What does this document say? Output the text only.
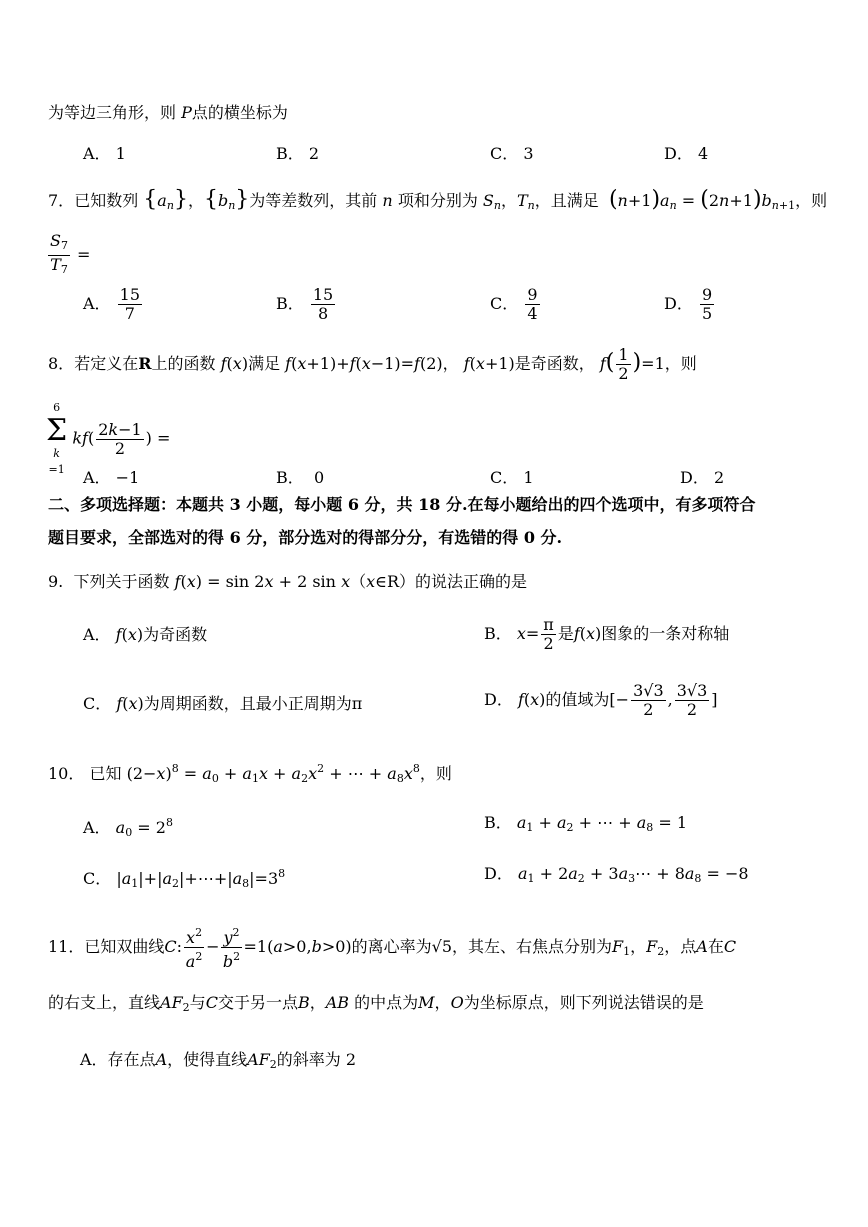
为等边三角形，则 P点的横坐标为
A． 1	B． 2	C． 3	D． 4
7．已知数列 $\{a_n\}$，$\{b_n\}$为等差数列，其前 n 项和分别为 $S_n$，$T_n$，且满足 $(n+1)a_n = (2n+1)b_{n+1}$，则
$\frac{S_7}{T_7}$ =
A． $\frac{15}{7}$	B． $\frac{15}{8}$	C． $\frac{9}{4}$	D． $\frac{9}{5}$
8．若定义在R上的函数 f(x)满足 f(x+1)+f(x−1)=f(2)， f(x+1)是奇函数， $f( \frac{1}{2} )=1$，则
6
Σ
k
=1
$kf( \frac{2k-1}{2}$ ) =
A． −1	B． 0	C． 1	D． 2
二、多项选择题：本题共 3 小题，每小题 6 分，共 18 分.在每小题给出的四个选项中，有多项符合
题目要求，全部选对的得 6 分，部分选对的得部分分，有选错的得 0 分.
9. 下列关于函数 f(x) = sin 2x + 2 sin x（x∈R）的说法正确的是
A． f(x)为奇函数	B． $x= \frac{\pi}{2}$ 是f(x)图象的一条对称轴
C． f(x)为周期函数，且最小正周期为π	D． f(x)的值域为[− $\frac{3√3}{2}$ , $\frac{3√3}{2}$ ]
10． 已知 $(2-x)^8 = a_0 + a_1x + a_2x^2$ + ⋯ + $a_8x^8$，则
A． $a_0 = 2^8$	B． $a_1 + a_2$ + ⋯ + $a_8 = 1$
C． $|a_1|+|a_2|+\cdots+|a_8|=3^8$	D． $a_1 + 2a_2$ + $3a_3\cdots + 8a_8 = -8$
11．已知双曲线C: $\frac{x^2}{a^2} - \frac{y^2}{b^2} =1(a>0,b>0)$的离心率为√5，其左、右焦点分别为$F_1$，$F_2$，点A在C
的右支上，直线$AF_2$与C交于另一点B，AB 的中点为M，O为坐标原点，则下列说法错误的是
A．存在点A，使得直线$AF_2$的斜率为 2
